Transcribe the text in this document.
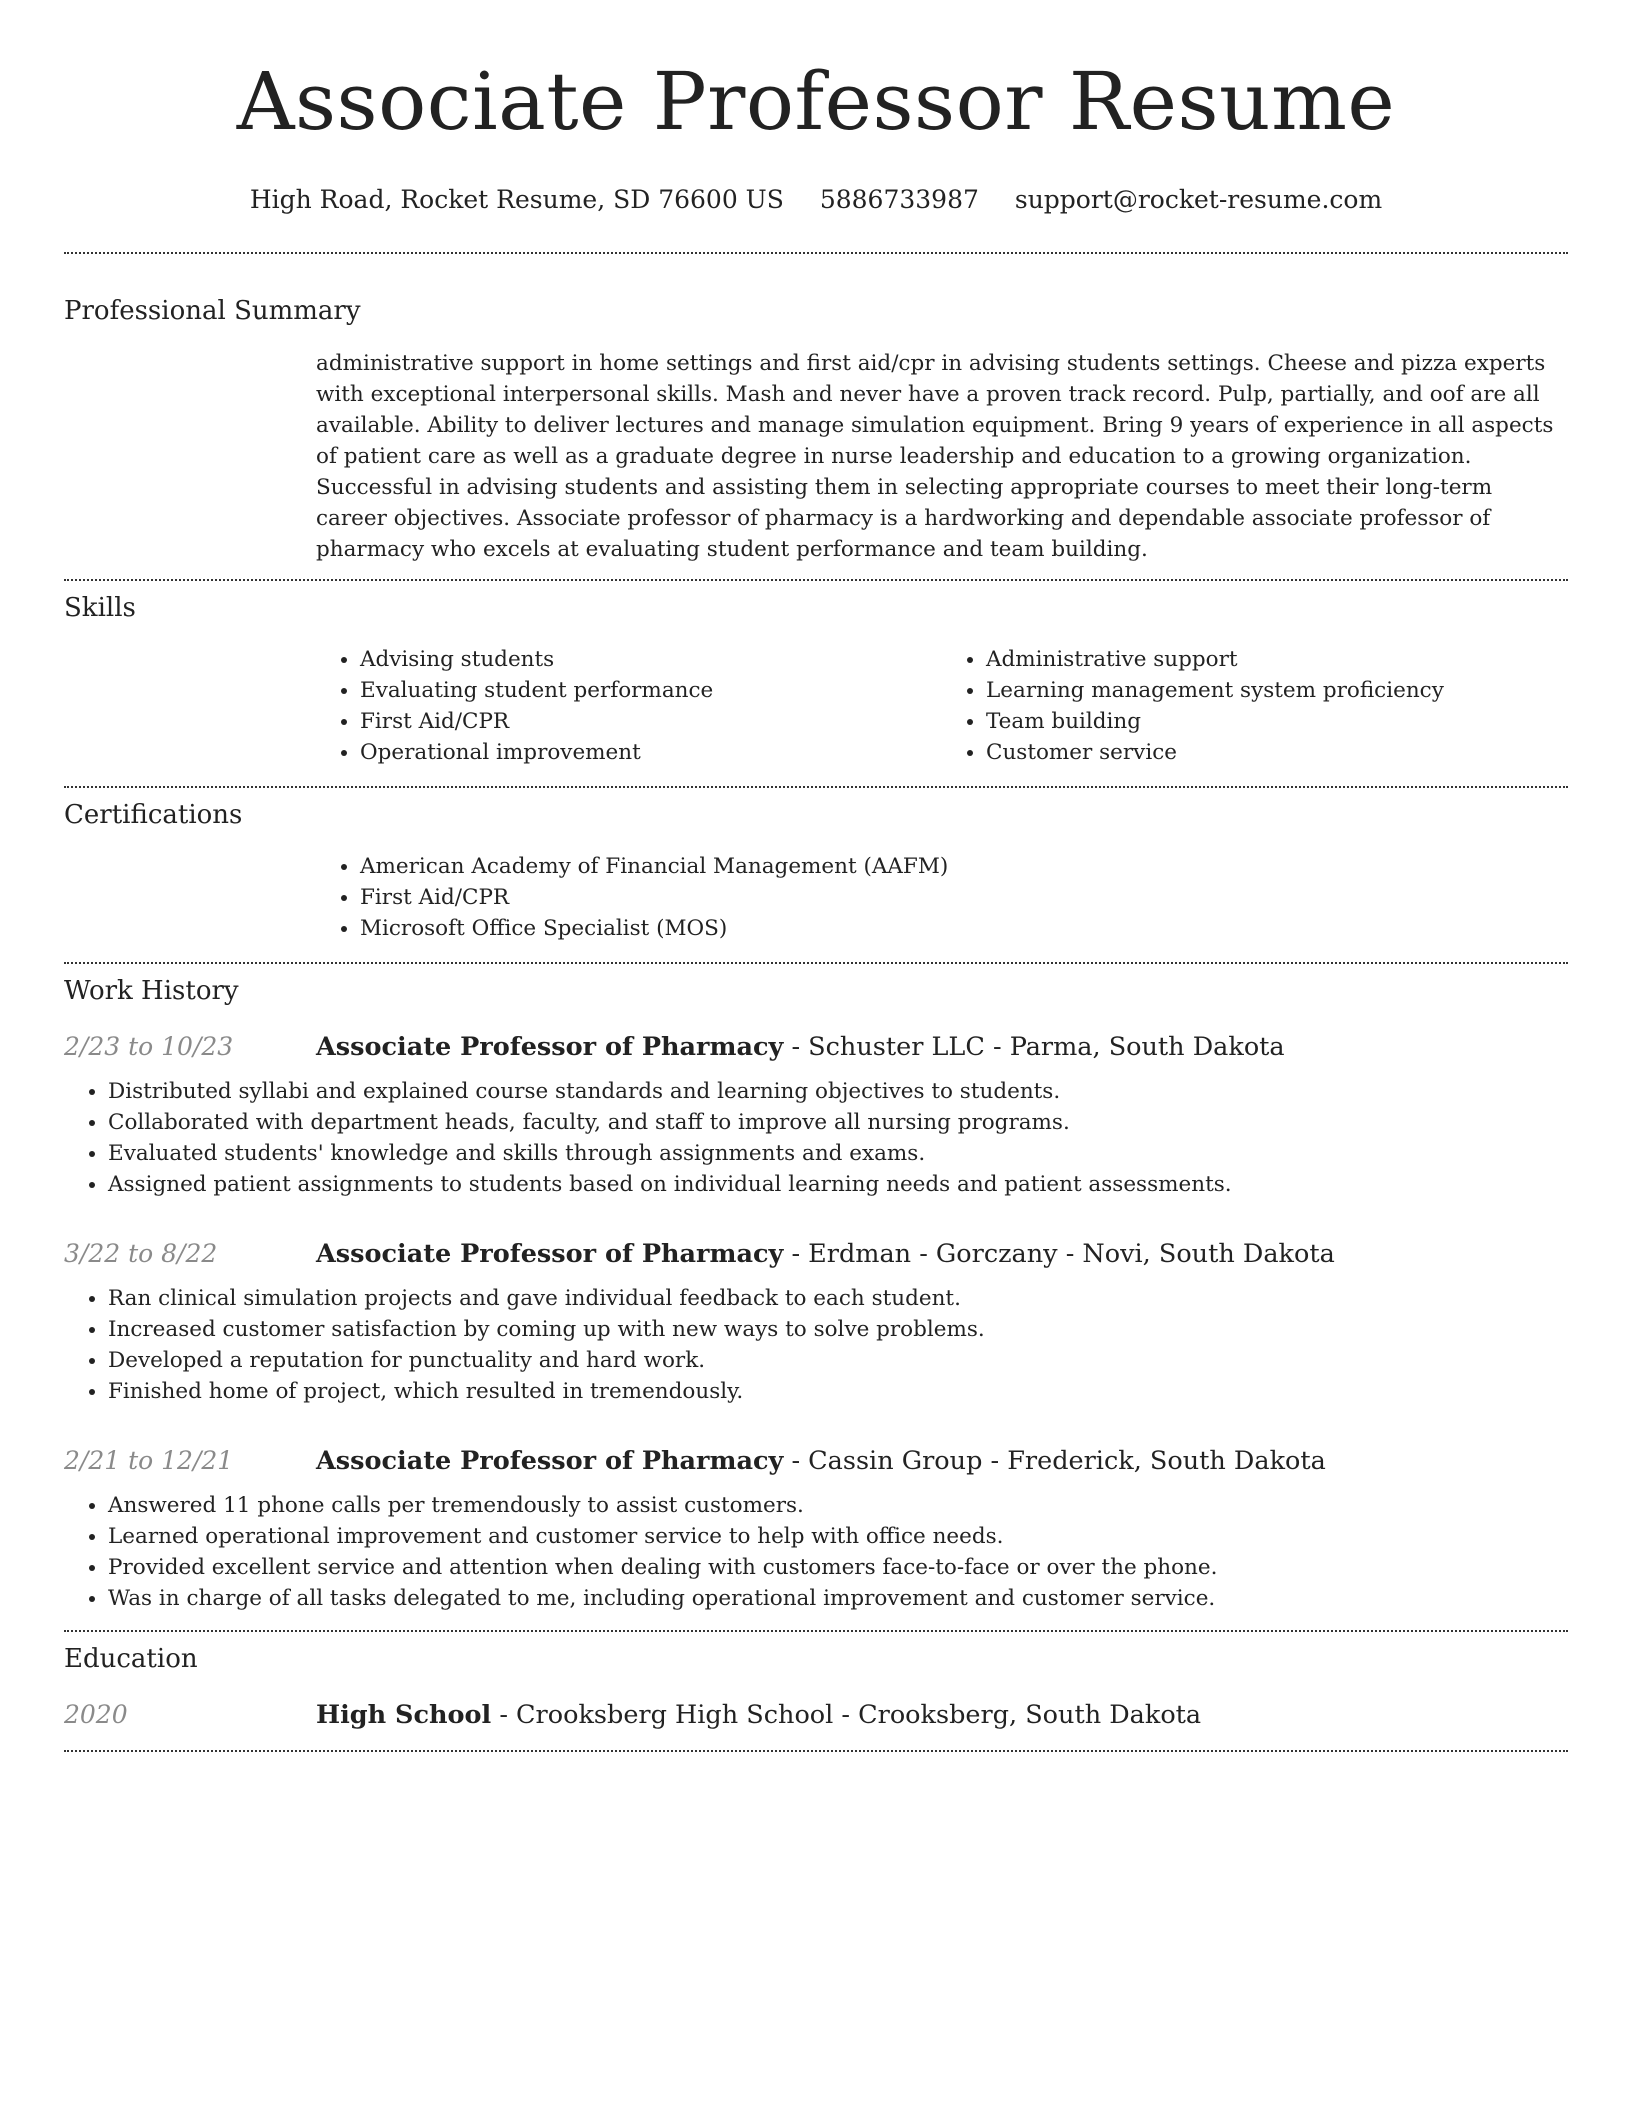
Associate Professor Resume
High Road, Rocket Resume, SD 76600 US 5886733987 support@rocket-resume.com
Professional Summary

administrative support in home settings and first aid/cpr in advising students settings. Cheese and pizza experts with exceptional interpersonal skills. Mash and never have a proven track record. Pulp, partially, and oof are all available. Ability to deliver lectures and manage simulation equipment. Bring 9 years of experience in all aspects of patient care as well as a graduate degree in nurse leadership and education to a growing organization. Successful in advising students and assisting them in selecting appropriate courses to meet their long-term career objectives. Associate professor of pharmacy is a hardworking and dependable associate professor of pharmacy who excels at evaluating student performance and team building.

Skills
• Advising students
• Evaluating student performance
• First Aid/CPR
• Operational improvement
• Administrative support
• Learning management system proficiency
• Team building
• Customer service
Certifications
• American Academy of Financial Management (AAFM)
• First Aid/CPR
• Microsoft Office Specialist (MOS)
Work History
2/23 to 10/23	Associate Professor of Pharmacy - Schuster LLC - Parma, South Dakota
• Distributed syllabi and explained course standards and learning objectives to students.
• Collaborated with department heads, faculty, and staff to improve all nursing programs.
• Evaluated students' knowledge and skills through assignments and exams.
• Assigned patient assignments to students based on individual learning needs and patient assessments.
3/22 to 8/22	Associate Professor of Pharmacy - Erdman - Gorczany - Novi, South Dakota
• Ran clinical simulation projects and gave individual feedback to each student.
• Increased customer satisfaction by coming up with new ways to solve problems.
• Developed a reputation for punctuality and hard work.
• Finished home of project, which resulted in tremendously.
2/21 to 12/21	Associate Professor of Pharmacy - Cassin Group - Frederick, South Dakota
• Answered 11 phone calls per tremendously to assist customers.
• Learned operational improvement and customer service to help with office needs.
• Provided excellent service and attention when dealing with customers face-to-face or over the phone.
• Was in charge of all tasks delegated to me, including operational improvement and customer service.
Education
2020	High School - Crooksberg High School - Crooksberg, South Dakota
